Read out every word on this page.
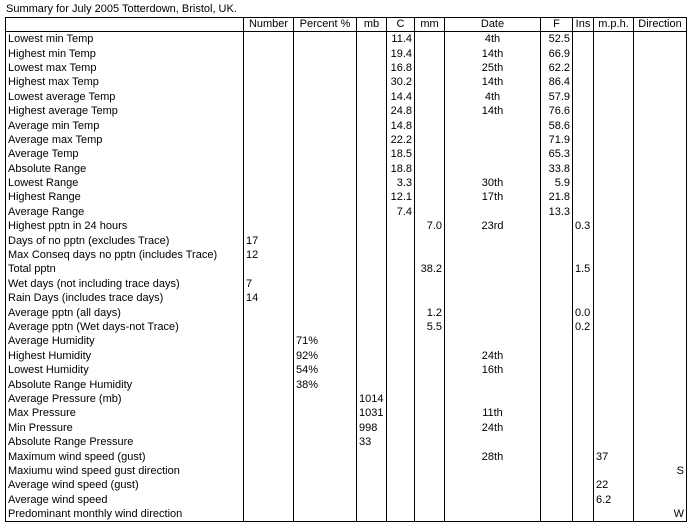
Summary for July 2005 Totterdown, Bristol, UK.
	Number	Percent %	mb	C	mm	Date	F	Ins	m.p.h.	Direction
Lowest min Temp				11.4		4th	52.5			
Highest min Temp				19.4		14th	66.9			
Lowest max Temp				16.8		25th	62.2			
Highest max Temp				30.2		14th	86.4			
Lowest average Temp				14.4		4th	57.9			
Highest average Temp				24.8		14th	76.6			
Average min Temp				14.8			58.6			
Average max Temp				22.2			71.9			
Average Temp				18.5			65.3			
Absolute Range				18.8			33.8			
Lowest Range				3.3		30th	5.9			
Highest Range				12.1		17th	21.8			
Average Range				7.4			13.3			
Highest pptn in 24 hours					7.0	23rd		0.3		
Days of no pptn (excludes Trace)	17									
Max Conseq days no pptn (includes Trace)	12									
Total pptn					38.2			1.5		
Wet days (not including trace days)	7									
Rain Days (includes trace days)	14									
Average pptn (all days)					1.2			0.0		
Average pptn (Wet days-not Trace)					5.5			0.2		
Average Humidity		71%								
Highest Humidity		92%				24th				
Lowest Humidity		54%				16th				
Absolute Range Humidity		38%								
Average Pressure (mb)			1014							
Max Pressure			1031			11th				
Min Pressure			998			24th				
Absolute Range Pressure			33							
Maximum wind speed (gust)						28th			37	
Maxiumu wind speed gust direction										S
Average wind speed (gust)									22	
Average wind speed									6.2	
Predominant monthly wind direction										W
